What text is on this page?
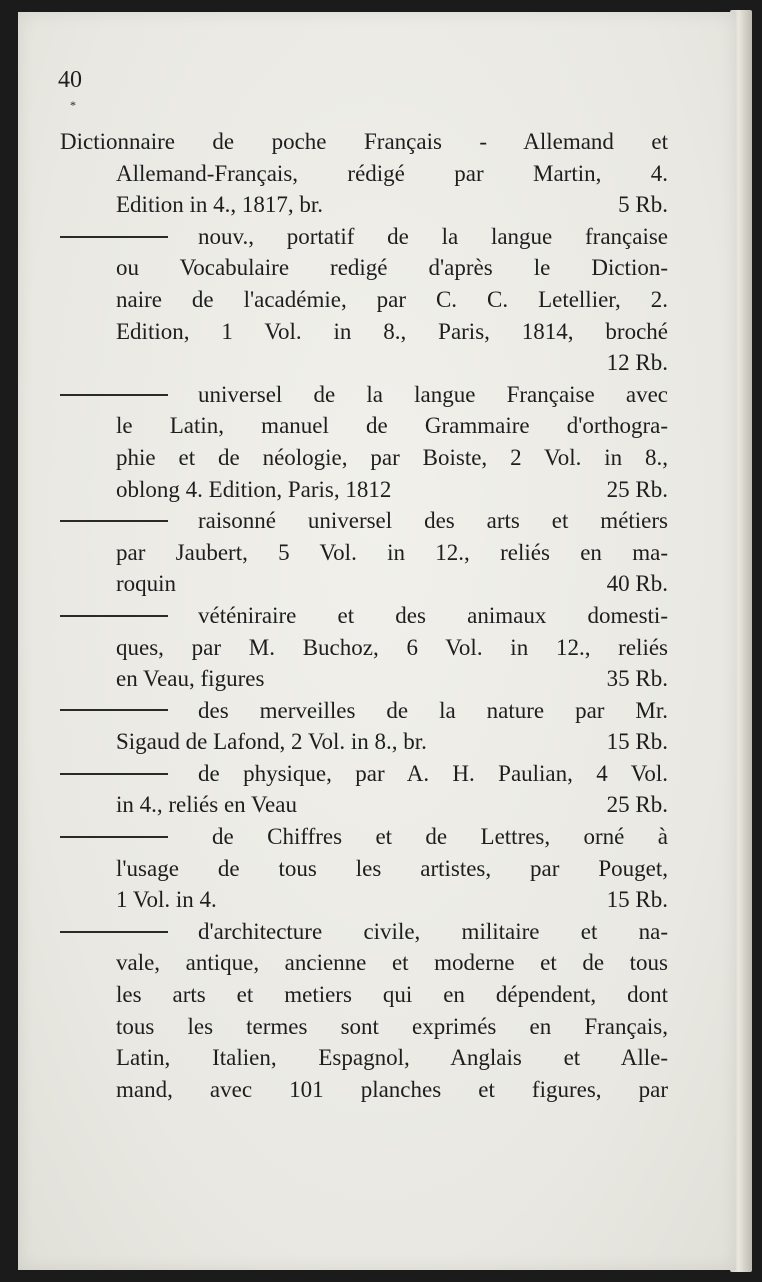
40
*
Dictionnaire de poche Français - Allemand et
Allemand-Français, rédigé par Martin, 4.
Edition in 4., 1817, br.	5 Rb.
nouv., portatif de la langue française
ou Vocabulaire redigé d'après le Diction-
naire de l'académie, par C. C. Letellier, 2.
Edition, 1 Vol. in 8., Paris, 1814, broché
12 Rb.
universel de la langue Française avec
le Latin, manuel de Grammaire d'orthogra-
phie et de néologie, par Boiste, 2 Vol. in 8.,
oblong 4. Edition, Paris, 1812	25 Rb.
raisonné universel des arts et métiers
par Jaubert, 5 Vol. in 12., reliés en ma-
roquin	40 Rb.
véténiraire et des animaux domesti-
ques, par M. Buchoz, 6 Vol. in 12., reliés
en Veau, figures	35 Rb.
des merveilles de la nature par Mr.
Sigaud de Lafond, 2 Vol. in 8., br.	15 Rb.
de physique, par A. H. Paulian, 4 Vol.
in 4., reliés en Veau	25 Rb.
de Chiffres et de Lettres, orné à
l'usage de tous les artistes, par Pouget,
1 Vol. in 4.	15 Rb.
d'architecture civile, militaire et na-
vale, antique, ancienne et moderne et de tous
les arts et metiers qui en dépendent, dont
tous les termes sont exprimés en Français,
Latin, Italien, Espagnol, Anglais et Alle-
mand, avec 101 planches et figures, par
